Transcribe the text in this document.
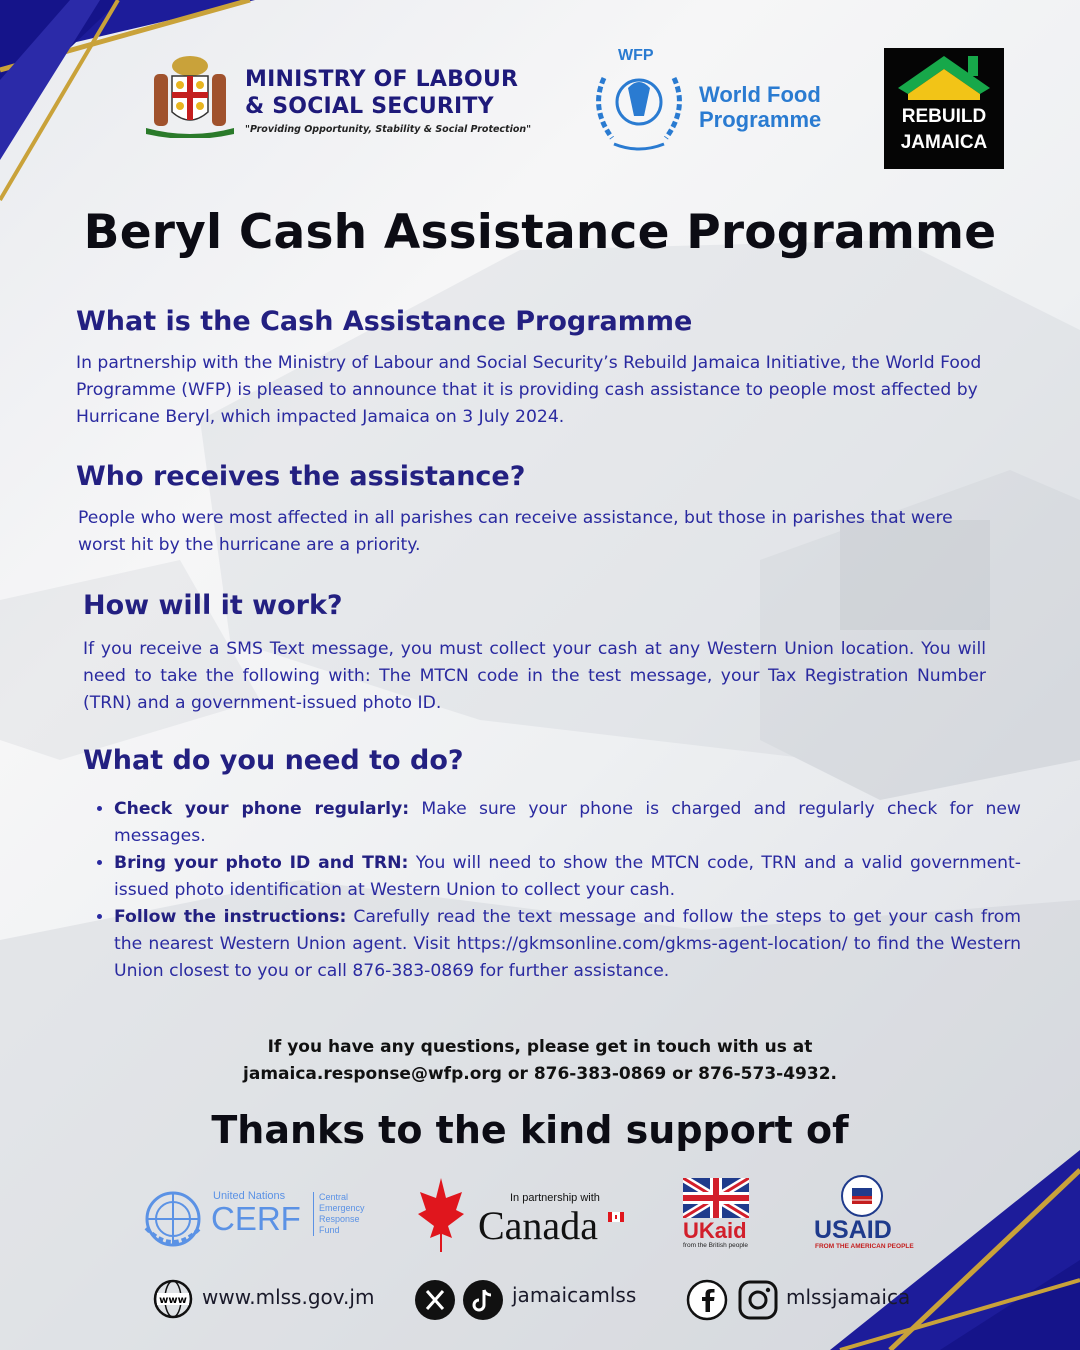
MINISTRY OF LABOUR
& SOCIAL SECURITY
"Providing Opportunity, Stability & Social Protection"
WFP
World Food
Programme	REBUILD
JAMAICA
Beryl Cash Assistance Programme
What is the Cash Assistance Programme
In partnership with the Ministry of Labour and Social Security’s Rebuild Jamaica Initiative, the World Food Programme (WFP) is pleased to announce that it is providing cash assistance to people most affected by Hurricane Beryl, which impacted Jamaica on 3 July 2024.
Who receives the assistance?
People who were most affected in all parishes can receive assistance, but those in parishes that were worst hit by the hurricane are a priority.
How will it work?
If you receive a SMS Text message, you must collect your cash at any Western Union location. You will need to take the following with: The MTCN code in the test message, your Tax Registration Number (TRN) and a government-issued photo ID.
What do you need to do?
• Check your phone regularly: Make sure your phone is charged and regularly check for new messages.
• Bring your photo ID and TRN: You will need to show the MTCN code, TRN and a valid government-issued photo identification at Western Union to collect your cash.
• Follow the instructions: Carefully read the text message and follow the steps to get your cash from the nearest Western Union agent. Visit https://gkmsonline.com/gkms-agent-location/ to find the Western Union closest to you or call 876-383-0869 for further assistance.
If you have any questions, please get in touch with us at
jamaica.response@wfp.org or 876-383-0869 or 876-573-4932.
Thanks to the kind support of
United Nations
CERF
Central
Emergency
Response
Fund
In partnership with
Canada	UKaid
from the British people
USAID
FROM THE AMERICAN PEOPLE
www www.mlss.gov.jm	jamaicamlss	mlssjamaica
